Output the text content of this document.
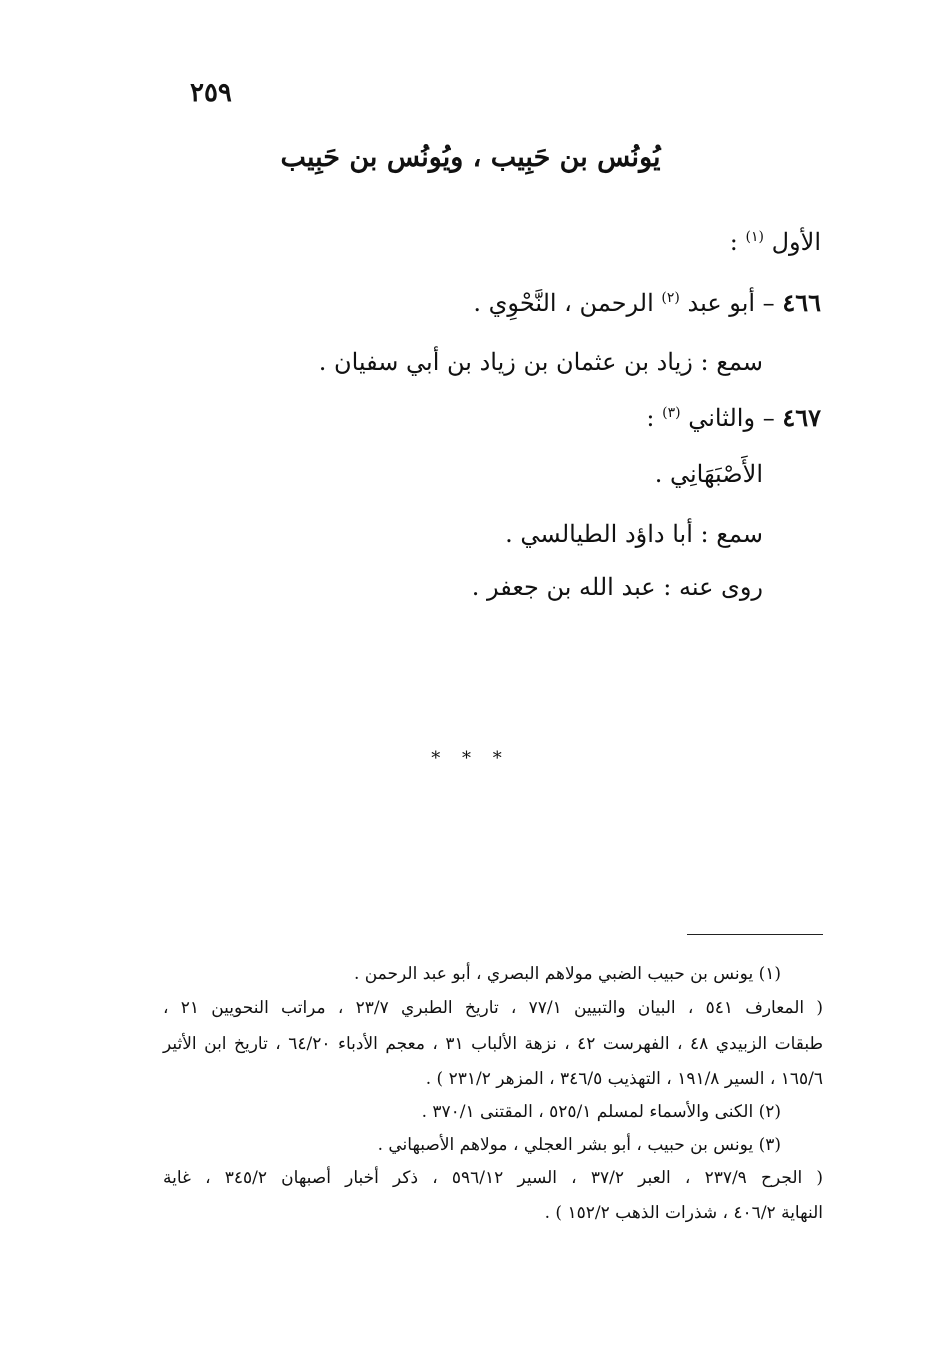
٢٥٩
يُونُس بن حَبِيب ، ويُونُس بن حَبِيب
الأول $^{(١)}$ :
٤٦٦ – أبو عبد $^{(٢)}$ الرحمن ، النَّحْوِي .
سمع : زياد بن عثمان بن زياد بن أبي سفيان .
٤٦٧ – والثاني $^{(٣)}$ :
الأَصْبَهَانِي .
سمع : أبا داؤد الطيالسي .
روى عنه : عبد الله بن جعفر .
* * *
(١) يونس بن حبيب الضبي مولاهم البصري ، أبو عبد الرحمن .
( المعارف ٥٤١ ، البيان والتبيين ٧٧/١ ، تاريخ الطبري ٢٣/٧ ، مراتب النحويين ٢١ ،
طبقات الزبيدي ٤٨ ، الفهرست ٤٢ ، نزهة الألباب ٣١ ، معجم الأدباء ٦٤/٢٠ ، تاريخ ابن الأثير
١٦٥/٦ ، السير ١٩١/٨ ، التهذيب ٣٤٦/٥ ، المزهر ٢٣١/٢ ) .
(٢) الكنى والأسماء لمسلم ٥٢٥/١ ، المقتنى ٣٧٠/١ .
(٣) يونس بن حبيب ، أبو بشر العجلي ، مولاهم الأصبهاني .
( الجرح ٢٣٧/٩ ، العبر ٣٧/٢ ، السير ٥٩٦/١٢ ، ذكر أخبار أصبهان ٣٤٥/٢ ، غاية
النهاية ٤٠٦/٢ ، شذرات الذهب ١٥٢/٢ ) .
